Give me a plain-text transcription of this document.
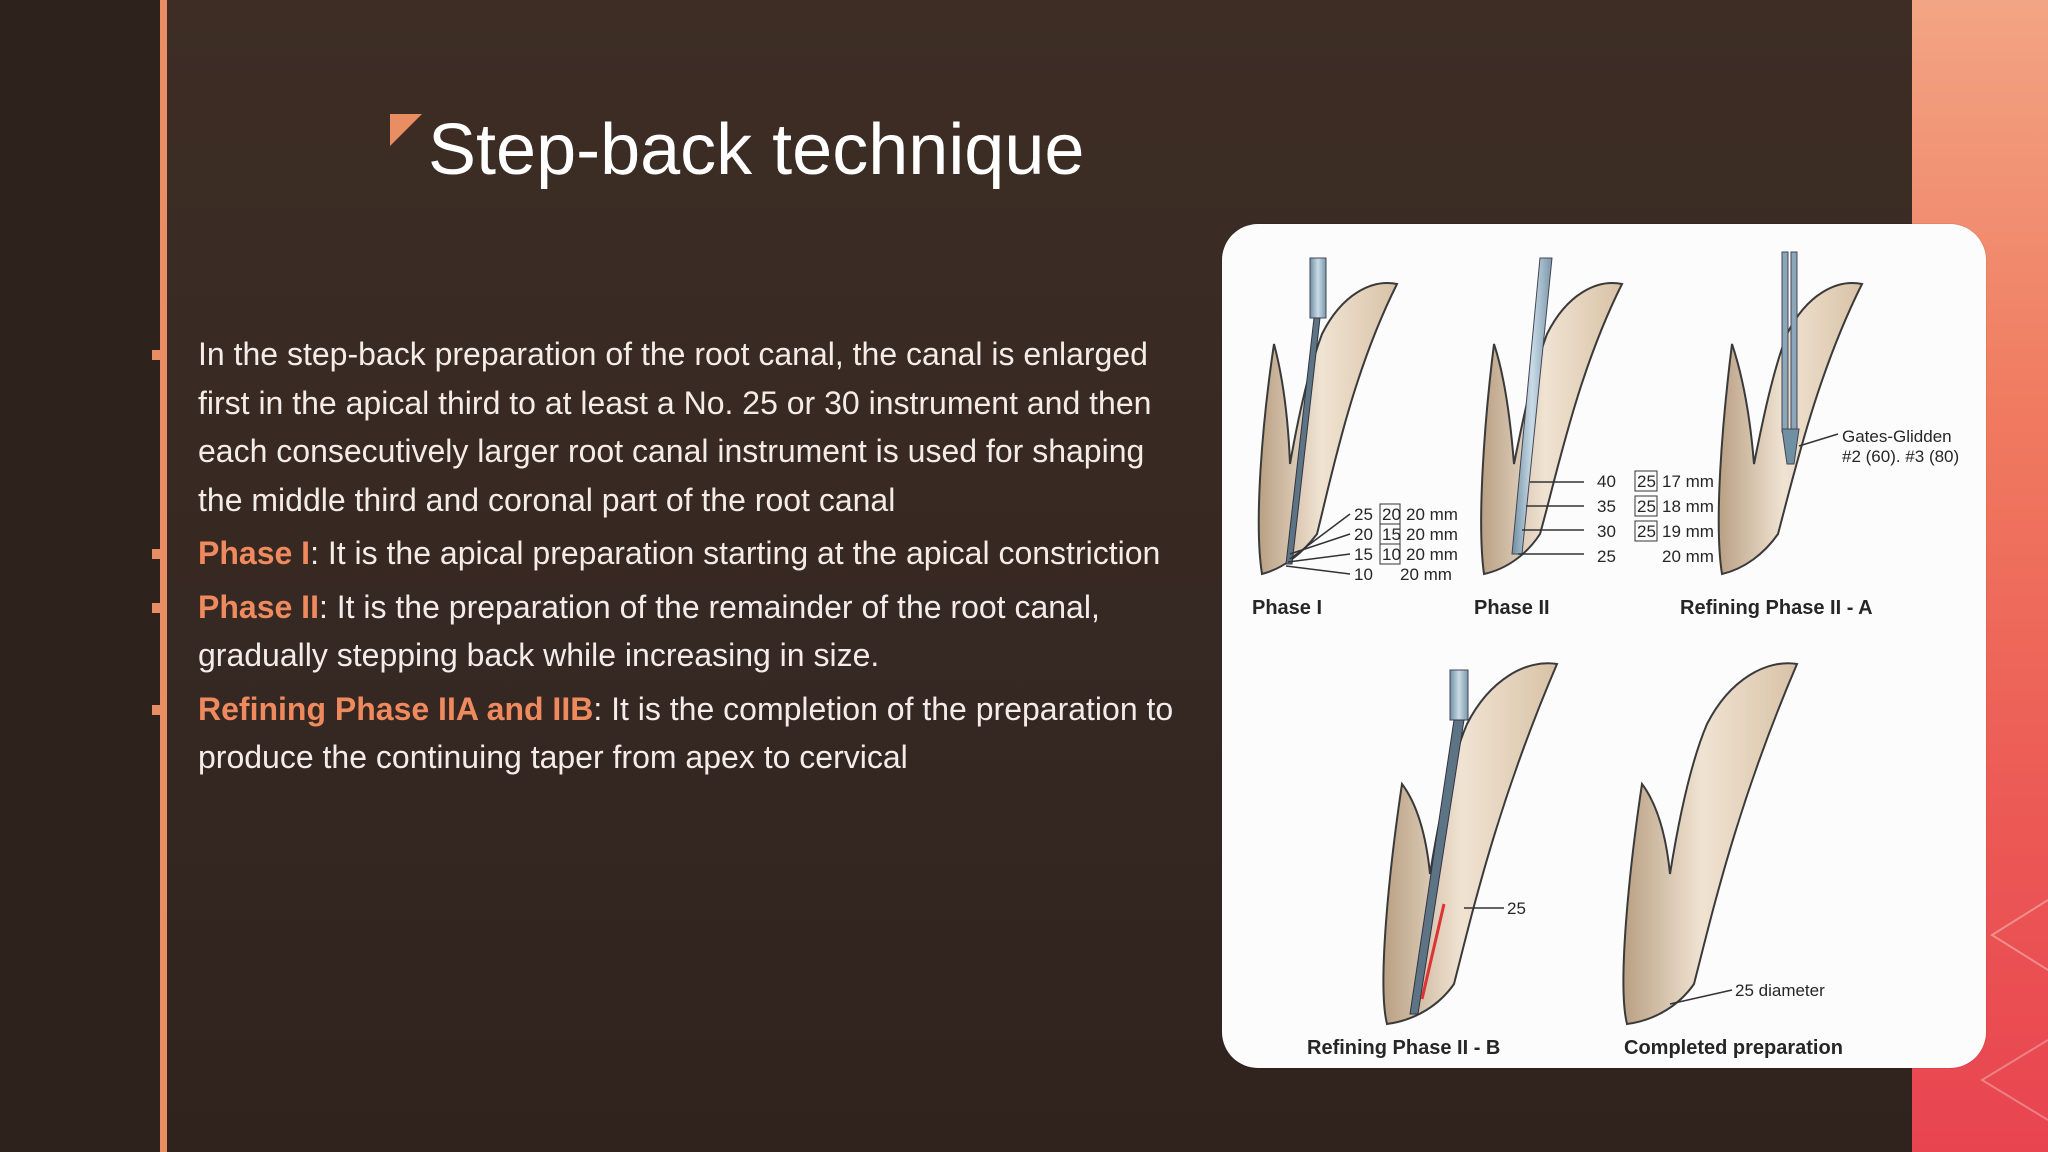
Step-back technique
In the step-back preparation of the root canal, the canal is enlarged first in the apical third to at least a No. 25 or 30 instrument and then each consecutively larger root canal instrument is used for shaping the middle third and coronal part of the root canal
Phase I: It is the apical preparation starting at the apical constriction
Phase II: It is the preparation of the remainder of the root canal, gradually stepping back while increasing in size.
Refining Phase IIA and IIB: It is the completion of the preparation to produce the continuing taper from apex to cervical
25 20 20 mm
20 15 20 mm
15 10 20 mm
10 20 mm
Phase I
40 25 17 mm
35 25 18 mm
30 25 19 mm
25	20 mm
Phase II
Gates-Glidden
#2 (60). #3 (80)
Refining Phase II - A
25
Refining Phase II - B
25 diameter
Completed preparation
